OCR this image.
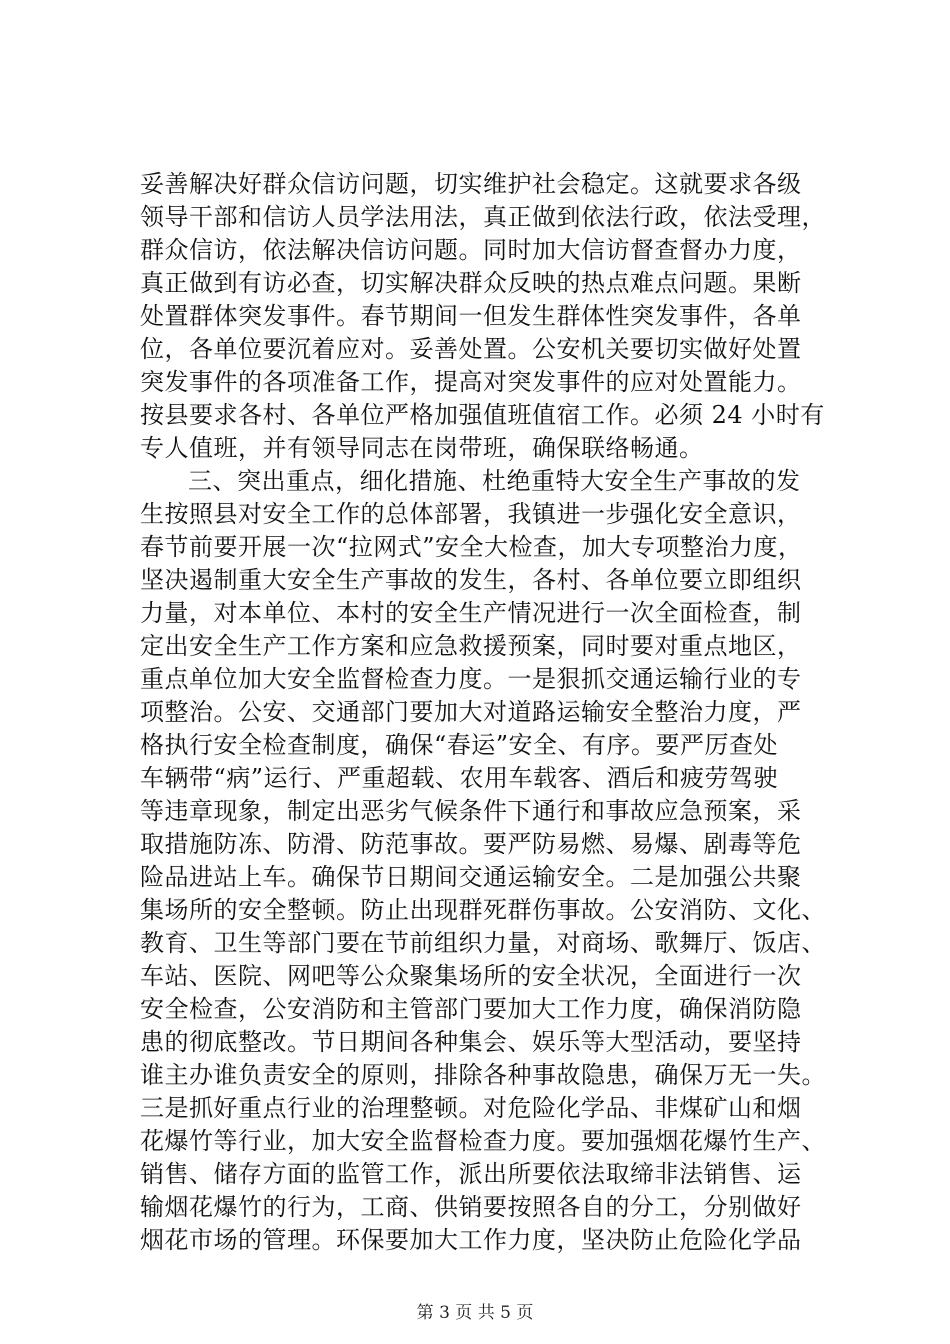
妥善解决好群众信访问题，切实维护社会稳定。这就要求各级
领导干部和信访人员学法用法，真正做到依法行政，依法受理，
群众信访，依法解决信访问题。同时加大信访督查督办力度，
真正做到有访必查，切实解决群众反映的热点难点问题。果断
处置群体突发事件。春节期间一但发生群体性突发事件，各单
位，各单位要沉着应对。妥善处置。公安机关要切实做好处置
突发事件的各项准备工作，提高对突发事件的应对处置能力。
按县要求各村、各单位严格加强值班值宿工作。必须 24 小时有
专人值班，并有领导同志在岗带班，确保联络畅通。
三、突出重点，细化措施、杜绝重特大安全生产事故的发
生按照县对安全工作的总体部署，我镇进一步强化安全意识，
春节前要开展一次“拉网式”安全大检查，加大专项整治力度，
坚决遏制重大安全生产事故的发生，各村、各单位要立即组织
力量，对本单位、本村的安全生产情况进行一次全面检查，制
定出安全生产工作方案和应急救援预案，同时要对重点地区，
重点单位加大安全监督检查力度。一是狠抓交通运输行业的专
项整治。公安、交通部门要加大对道路运输安全整治力度，严
格执行安全检查制度，确保“春运”安全、有序。要严厉查处
车辆带“病”运行、严重超载、农用车载客、酒后和疲劳驾驶
等违章现象，制定出恶劣气候条件下通行和事故应急预案，采
取措施防冻、防滑、防范事故。要严防易燃、易爆、剧毒等危
险品进站上车。确保节日期间交通运输安全。二是加强公共聚
集场所的安全整顿。防止出现群死群伤事故。公安消防、文化、
教育、卫生等部门要在节前组织力量，对商场、歌舞厅、饭店、
车站、医院、网吧等公众聚集场所的安全状况，全面进行一次
安全检查，公安消防和主管部门要加大工作力度，确保消防隐
患的彻底整改。节日期间各种集会、娱乐等大型活动，要坚持
谁主办谁负责安全的原则，排除各种事故隐患，确保万无一失。
三是抓好重点行业的治理整顿。对危险化学品、非煤矿山和烟
花爆竹等行业，加大安全监督检查力度。要加强烟花爆竹生产、
销售、储存方面的监管工作，派出所要依法取缔非法销售、运
输烟花爆竹的行为，工商、供销要按照各自的分工，分别做好
烟花市场的管理。环保要加大工作力度，坚决防止危险化学品
第 3 页 共 5 页
